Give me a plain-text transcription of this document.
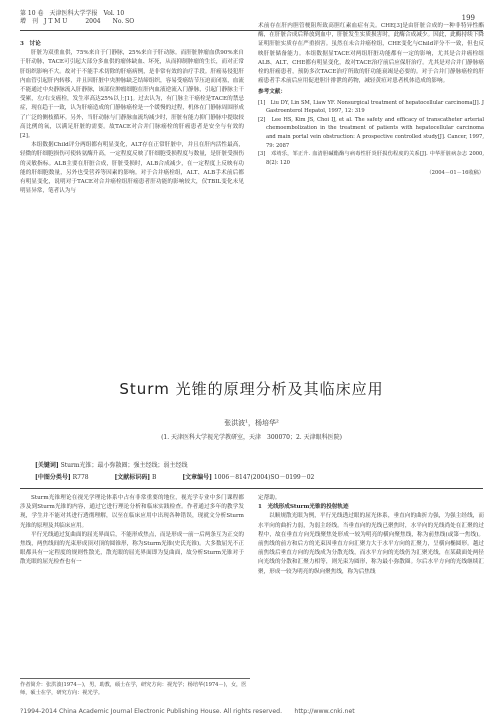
第 10 卷　天津医科大学学报　Vol. 10
增　刊　J T M U　　　2004　　No. SO	199
3　讨论

肝脏为双重血供，75%来自于门静脉，25%来自于肝动脉。而肝脏肿瘤血供90%来自于肝动脉，TACE可引起大部分多血供的瘤体缺血、坏死，从而抑制肿瘤的生长，而对正常肝组织影响不大。故对于不能手术切除的肝癌病例，是非常有效的治疗手段。肝癌易侵犯肝内血管引起肝内转移，并且因肝脏中央肿脉缺乏结缔组织，容易受癌结节压迫而闭塞，血流不能通过中央静脉流入肝静脉，该部位肿瘤细胞在肝内血液逆流入门静脉，引起门静脉主干受累，左/右支癌栓，发生率高达25%以上[1]。过去认为，有门脉主干癌栓是TACE的禁忌症，现在趋于一致，认为肝癌造成的门静脉癌栓是一个缓慢的过程，机体在门静脉周围形成了广泛的侧枝循环。另外，当肝动脉与门静脉血流均减少时，肝脏有能力抑门静脉中提取较高比例的氧，以满足肝脏的需要。故TACE对合并门脉癌栓的肝癌患者是安全与有效的[2]。

本组数据Child评分两组都有明显变化，ALT存在正常肝脏中，并且在肝内活性最高，轻微的肝细胞损伤可使转氨酶升高，一定程度反映了肝细胞受损程度与数量，是肝脏受损伤的灵敏指标。ALB主要在肝脏合成，肝脏受损时，ALB合成减少，在一定程度上反映有功能的肝细胞数量，另外也受营养等因素的影响。对于合并癌栓组，ALT、ALB手术前后都有明显变化，说明对于TACE对合并癌栓组肝癌患者肝功能的影响较大，仅TBIL变化未见明显异常，笔者认为与

术前存在肝内胆管梗阻所致高胆红素血症有关。CHE[3]是由肝脏合成的一种非特异性酯酶，在肝脏合成后释放到血中，肝脏发生实质损害时，此酶合成减少。因此，此酶持续下降证明肝脏实质存在严重损害。虽然在未合并癌栓组，CHE变化与Child评分不一致，但也反映肝脏储备能力。本组数据显TACE对两组肝脏功能都有一定的影响，尤其是合并癌栓组ALB、ALT、CHE都有明显变化，故对TACE治疗前后应保肝治疗。尤其是对合并门静脉癌栓的肝癌患者，预防多次TACE治疗所致的肝功能衰竭是必要的。对于合并门静脉癌栓的肝癌患者手术前后应用促进胆汁排泄的药物，减轻黄疸对患者机体造成的影响。

参考文献：
[1]　Liu DY, Lin SM, Liaw YF. Nonsurgical treatment of hepatocellular carcinoma[J]. J Gastroenterol Hepatol, 1997, 12: 319
[2]　Lee HS, Kim JS, Choi IJ, et al. The safety and efficacy of transcatheter arterial chemoembolization in the treatment of patients with hepatocellular carcinoma and main portal vein obstruction: A prospective controlled study[J]. Cancer, 1997, 79: 2087
[3]　邓靖乐，邹正升. 血清胆碱酯酶与病毒性肝炎肝损伤程度的关系[J]. 中华肝脏病杂志 2000, 8(2): 120
（2004－01－16收稿）
Sturm 光锥的原理分析及其临床应用
张洪波¹，杨培华²
(1. 天津医科大学视光学教研室，天津　300070；2. 天津眼科医院)
[关键词] Sturm光锥；最小弥散圈；强主经线；弱主经线
[中图分类号] R778	[文献标识码] B	[文章编号] 1006－8147(2004)SO－0199－02

Sturm光锥理论在视光学理论体系中占有非常重要的地位，视光学专业中多门课程都涉及到Sturm光锥的内容，通过它进行理论分析和临床实践检查。作者通过多年的教学发现，学生并不能对其进行透彻理解，以至在临床应用中出现各种错误，现就文分析Sturm光锥的原理及其临床应用。

平行光线通过复曲面的屈光界面后，不能形成焦点，而是形成一前一后两条互为正交的焦线，两焦线间的光束形成顶对顶的圆锥形，称为Sturm光锥(史氏光锥)。大多数屈光不正眼都具有一定程度的规则性散光，散光眼的屈光界面即为复曲面，故分析Sturm光锥对于散光眼的屈光检查也有一

作者简介：张洪波(1974－)，男，助教，硕士在学，研究方向：视光学；杨培华(1974－)，女，医师，硕士在学，研究方向：视光学。
定帮助。
1　光线形成Sturm光锥的投射轨迹

以顺规散光眼为例，平行光线透过眼的屈光体系，垂直向的曲折力强，为强主经线，而水平向的曲折力弱，为弱主经线。当垂直向的光线已聚焦时，水平向的光线尚处在汇聚的过程中，故在垂直方向光线聚焦处形成一较为明亮的横向聚焦线，称为前焦线(或第一焦线)。前焦线的前方和后方的光束因垂直方向汇聚力大于水平方向的汇聚力，呈横向椭圆形。越过前焦线后垂直方向的光线成为分散光线，而水平方向的光线仍为汇聚光线，在某截面处两径向光线的分散和汇聚力相等，则光束为圆形，称为最小弥散圈。尔后水平方向的光线继续汇聚，形成一较为明亮的纵向聚焦线，称为后焦线

?1994-2014 China Academic Journal Electronic Publishing House. All rights reserved.　　http://www.cnki.net
